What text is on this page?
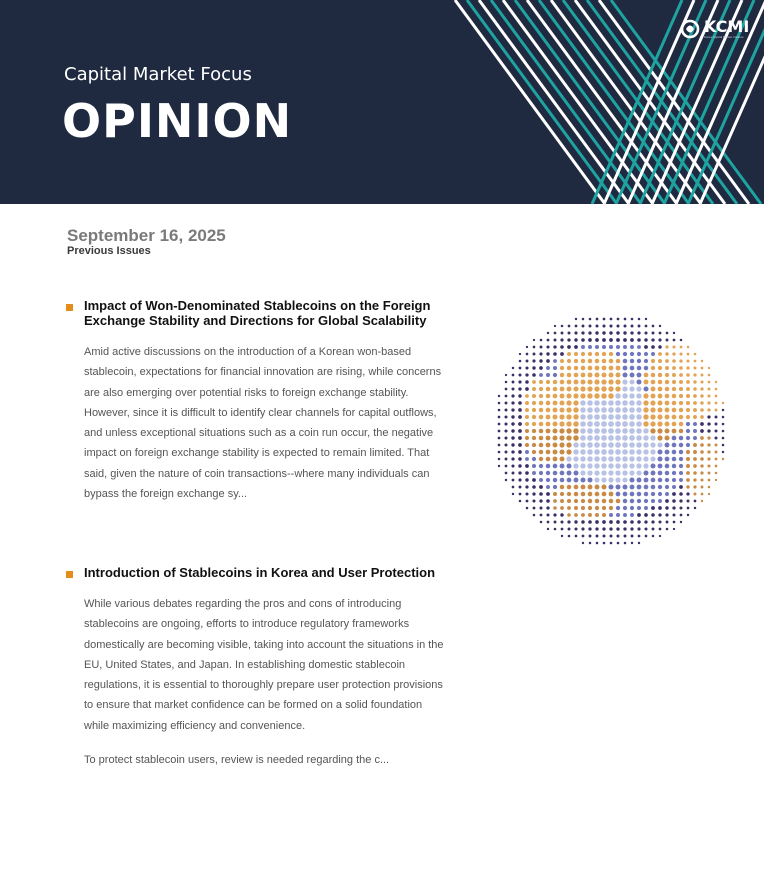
Capital Market Focus

OPINION
KCMI
Korea Capital Market Institute

September 16, 2025

Previous Issues

Impact of Won-Denominated Stablecoins on the Foreign Exchange Stability and Directions for Global Scalability

Amid active discussions on the introduction of a Korean won-based stablecoin, expectations for financial innovation are rising, while concerns are also emerging over potential risks to foreign exchange stability. However, since it is difficult to identify clear channels for capital outflows, and unless exceptional situations such as a coin run occur, the negative impact on foreign exchange stability is expected to remain limited. That said, given the nature of coin transactions--where many individuals can bypass the foreign exchange sy...

Introduction of Stablecoins in Korea and User Protection

While various debates regarding the pros and cons of introducing stablecoins are ongoing, efforts to introduce regulatory frameworks domestically are becoming visible, taking into account the situations in the EU, United States, and Japan. In establishing domestic stablecoin regulations, it is essential to thoroughly prepare user protection provisions to ensure that market confidence can be formed on a solid foundation while maximizing efficiency and convenience.

To protect stablecoin users, review is needed regarding the c...
